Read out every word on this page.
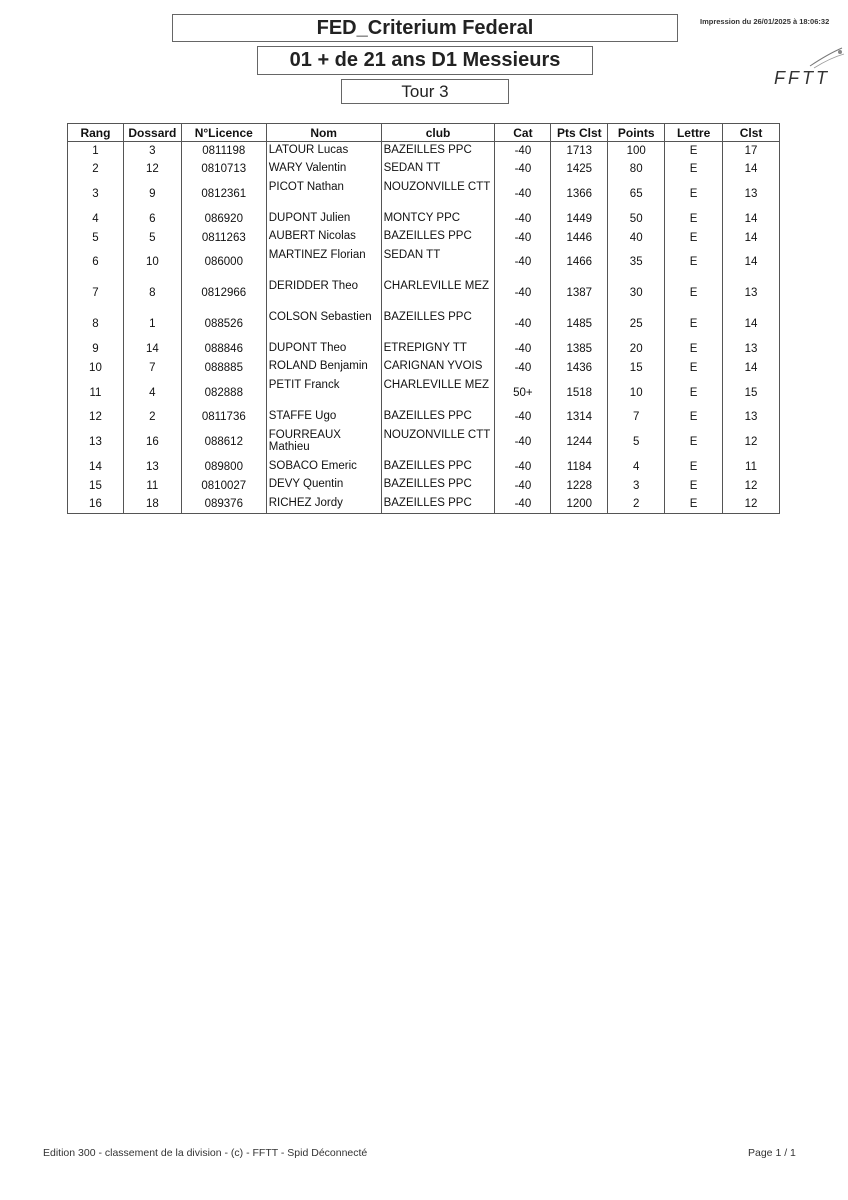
FED_Criterium Federal
01 + de 21 ans D1 Messieurs
Tour 3
Impression du 26/01/2025 à 18:06:32
FFTT
Rang	Dossard	N°Licence	Nom	club	Cat	Pts Clst	Points	Lettre	Clst
1	3	0811198	LATOUR Lucas	BAZEILLES PPC	-40	1713	100	E	17
2	12	0810713	WARY Valentin	SEDAN TT	-40	1425	80	E	14
3	9	0812361	PICOT Nathan	NOUZONVILLE CTT	-40	1366	65	E	13
4	6	086920	DUPONT Julien	MONTCY PPC	-40	1449	50	E	14
5	5	0811263	AUBERT Nicolas	BAZEILLES PPC	-40	1446	40	E	14
6	10	086000	MARTINEZ Florian	SEDAN TT	-40	1466	35	E	14
7	8	0812966	DERIDDER Theo	CHARLEVILLE MEZ	-40	1387	30	E	13
8	1	088526	COLSON Sebastien	BAZEILLES PPC	-40	1485	25	E	14
9	14	088846	DUPONT Theo	ETREPIGNY TT	-40	1385	20	E	13
10	7	088885	ROLAND Benjamin	CARIGNAN YVOIS	-40	1436	15	E	14
11	4	082888	PETIT Franck	CHARLEVILLE MEZ	50+	1518	10	E	15
12	2	0811736	STAFFE Ugo	BAZEILLES PPC	-40	1314	7	E	13
13	16	088612	FOURREAUX Mathieu	NOUZONVILLE CTT	-40	1244	5	E	12
14	13	089800	SOBACO Emeric	BAZEILLES PPC	-40	1184	4	E	11
15	11	0810027	DEVY Quentin	BAZEILLES PPC	-40	1228	3	E	12
16	18	089376	RICHEZ Jordy	BAZEILLES PPC	-40	1200	2	E	12
Edition 300 - classement de la division - (c) - FFTT - Spid Déconnecté	Page 1 / 1
